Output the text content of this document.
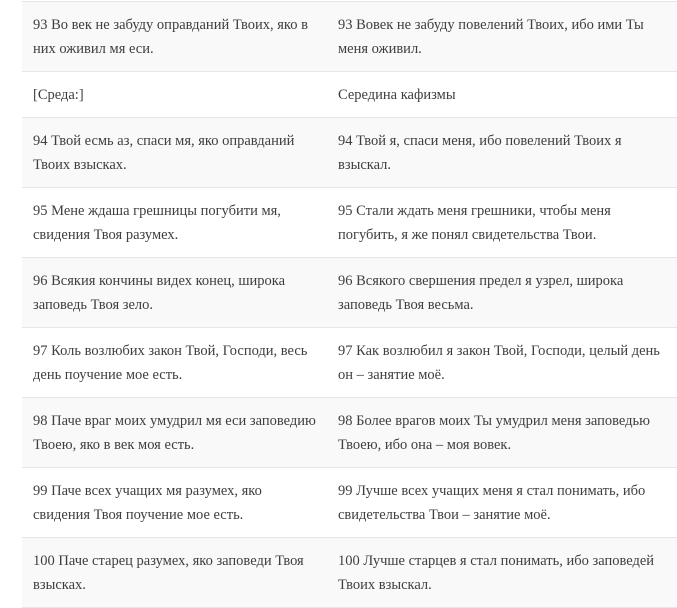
93 Во век не забуду оправданий Твоих, яко в них оживил мя еси.	93 Вовек не забуду повелений Твоих, ибо ими Ты меня оживил.
[Среда:]	Середина кафизмы
94 Твой есмь аз, спаси мя, яко оправданий Твоих взысках.	94 Твой я, спаси меня, ибо повелений Твоих я взыскал.
95 Мене ждаша грешницы погубити мя, свидения Твоя разумех.	95 Стали ждать меня грешники, чтобы меня погубить, я же понял свидетельства Твои.
96 Всякия кончины видех конец, широка заповедь Твоя зело.	96 Всякого свершения предел я узрел, широка заповедь Твоя весьма.
97 Коль возлюбих закон Твой, Господи, весь день поучение мое есть.	97 Как возлюбил я закон Твой, Господи, целый день он – занятие моё.
98 Паче враг моих умудрил мя еси заповедию Твоею, яко в век моя есть.	98 Более врагов моих Ты умудрил меня заповедью Твоею, ибо она – моя вовек.
99 Паче всех учащих мя разумех, яко свидения Твоя поучение мое есть.	99 Лучше всех учащих меня я стал понимать, ибо свидетельства Твои – занятие моё.
100 Паче старец разумех, яко заповеди Твоя взысках.	100 Лучше старцев я стал понимать, ибо заповедей Твоих взыскал.
